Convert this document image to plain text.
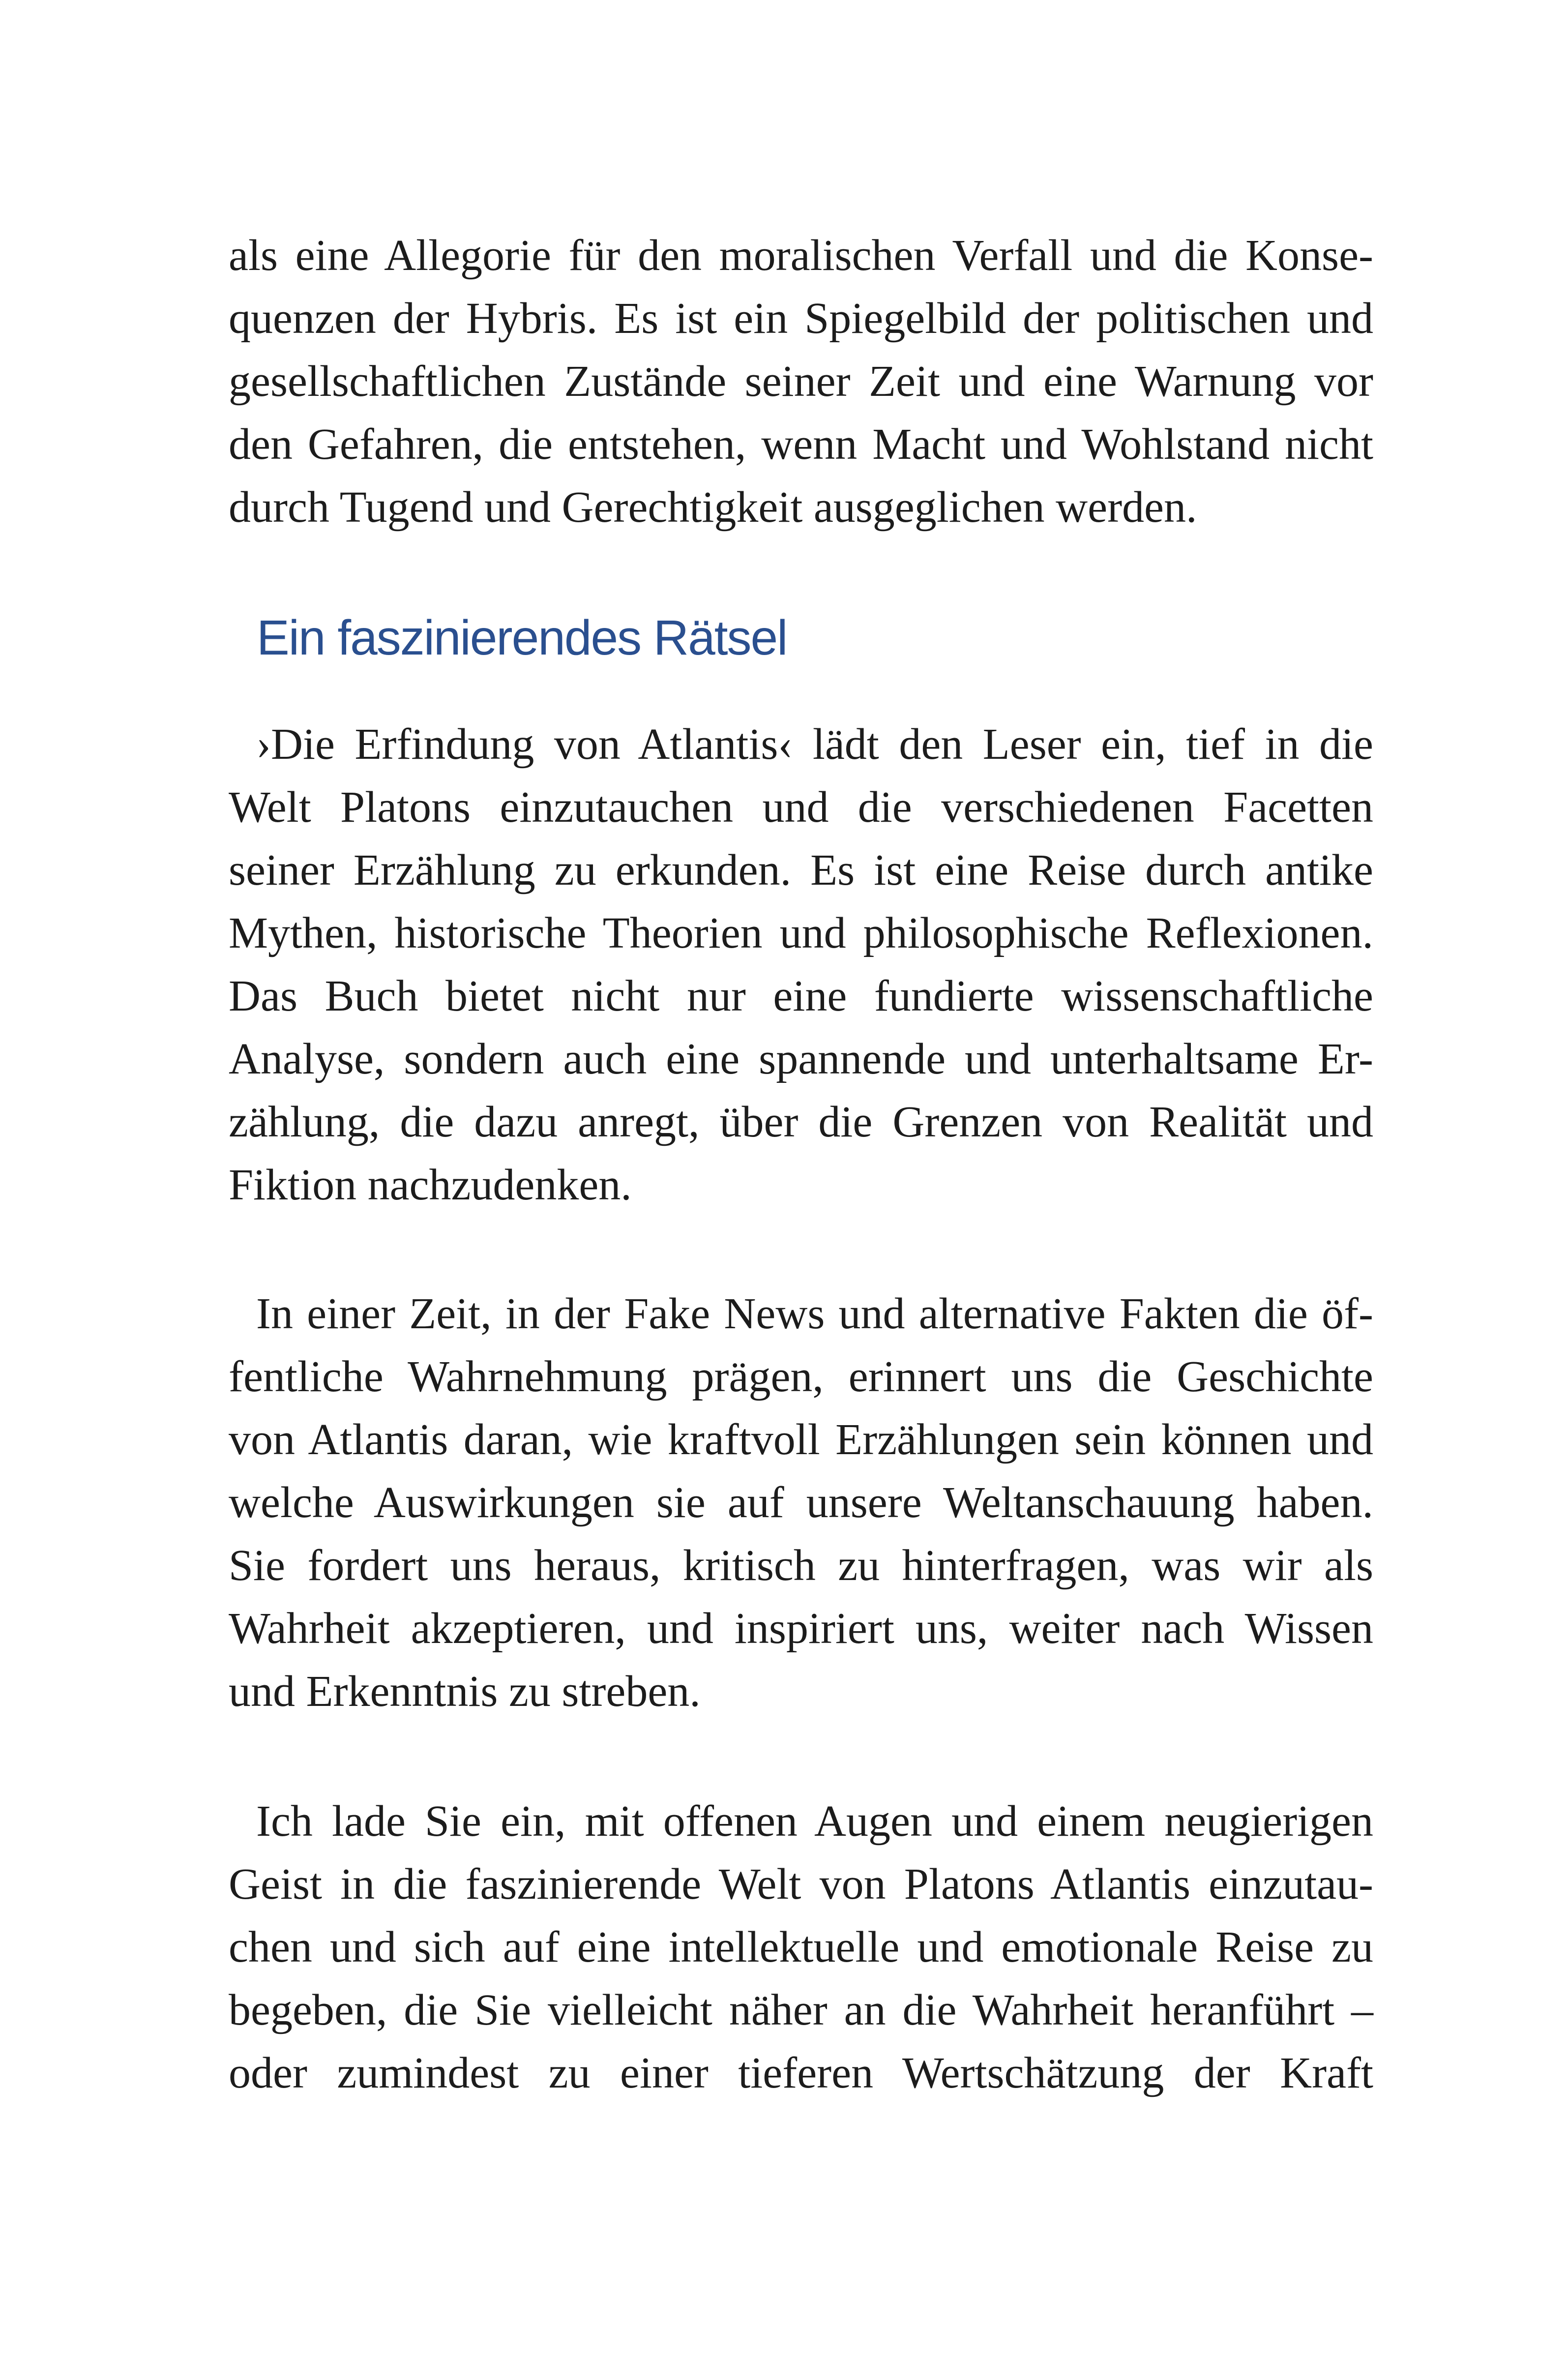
als eine Allegorie für den moralischen Verfall und die Konse-
quenzen der Hybris. Es ist ein Spiegelbild der politischen und
gesellschaftlichen Zustände seiner Zeit und eine Warnung vor
den Gefahren, die entstehen, wenn Macht und Wohlstand nicht
durch Tugend und Gerechtigkeit ausgeglichen werden.

Ein faszinierendes Rätsel

›Die Erfindung von Atlantis‹ lädt den Leser ein, tief in die
Welt Platons einzutauchen und die verschiedenen Facetten
seiner Erzählung zu erkunden. Es ist eine Reise durch antike
Mythen, historische Theorien und philosophische Reflexionen.
Das Buch bietet nicht nur eine fundierte wissenschaftliche
Analyse, sondern auch eine spannende und unterhaltsame Er-
zählung, die dazu anregt, über die Grenzen von Realität und
Fiktion nachzudenken.

In einer Zeit, in der Fake News und alternative Fakten die öf-
fentliche Wahrnehmung prägen, erinnert uns die Geschichte
von Atlantis daran, wie kraftvoll Erzählungen sein können und
welche Auswirkungen sie auf unsere Weltanschauung haben.
Sie fordert uns heraus, kritisch zu hinterfragen, was wir als
Wahrheit akzeptieren, und inspiriert uns, weiter nach Wissen
und Erkenntnis zu streben.

Ich lade Sie ein, mit offenen Augen und einem neugierigen
Geist in die faszinierende Welt von Platons Atlantis einzutau-
chen und sich auf eine intellektuelle und emotionale Reise zu
begeben, die Sie vielleicht näher an die Wahrheit heranführt –
oder zumindest zu einer tieferen Wertschätzung der Kraft
